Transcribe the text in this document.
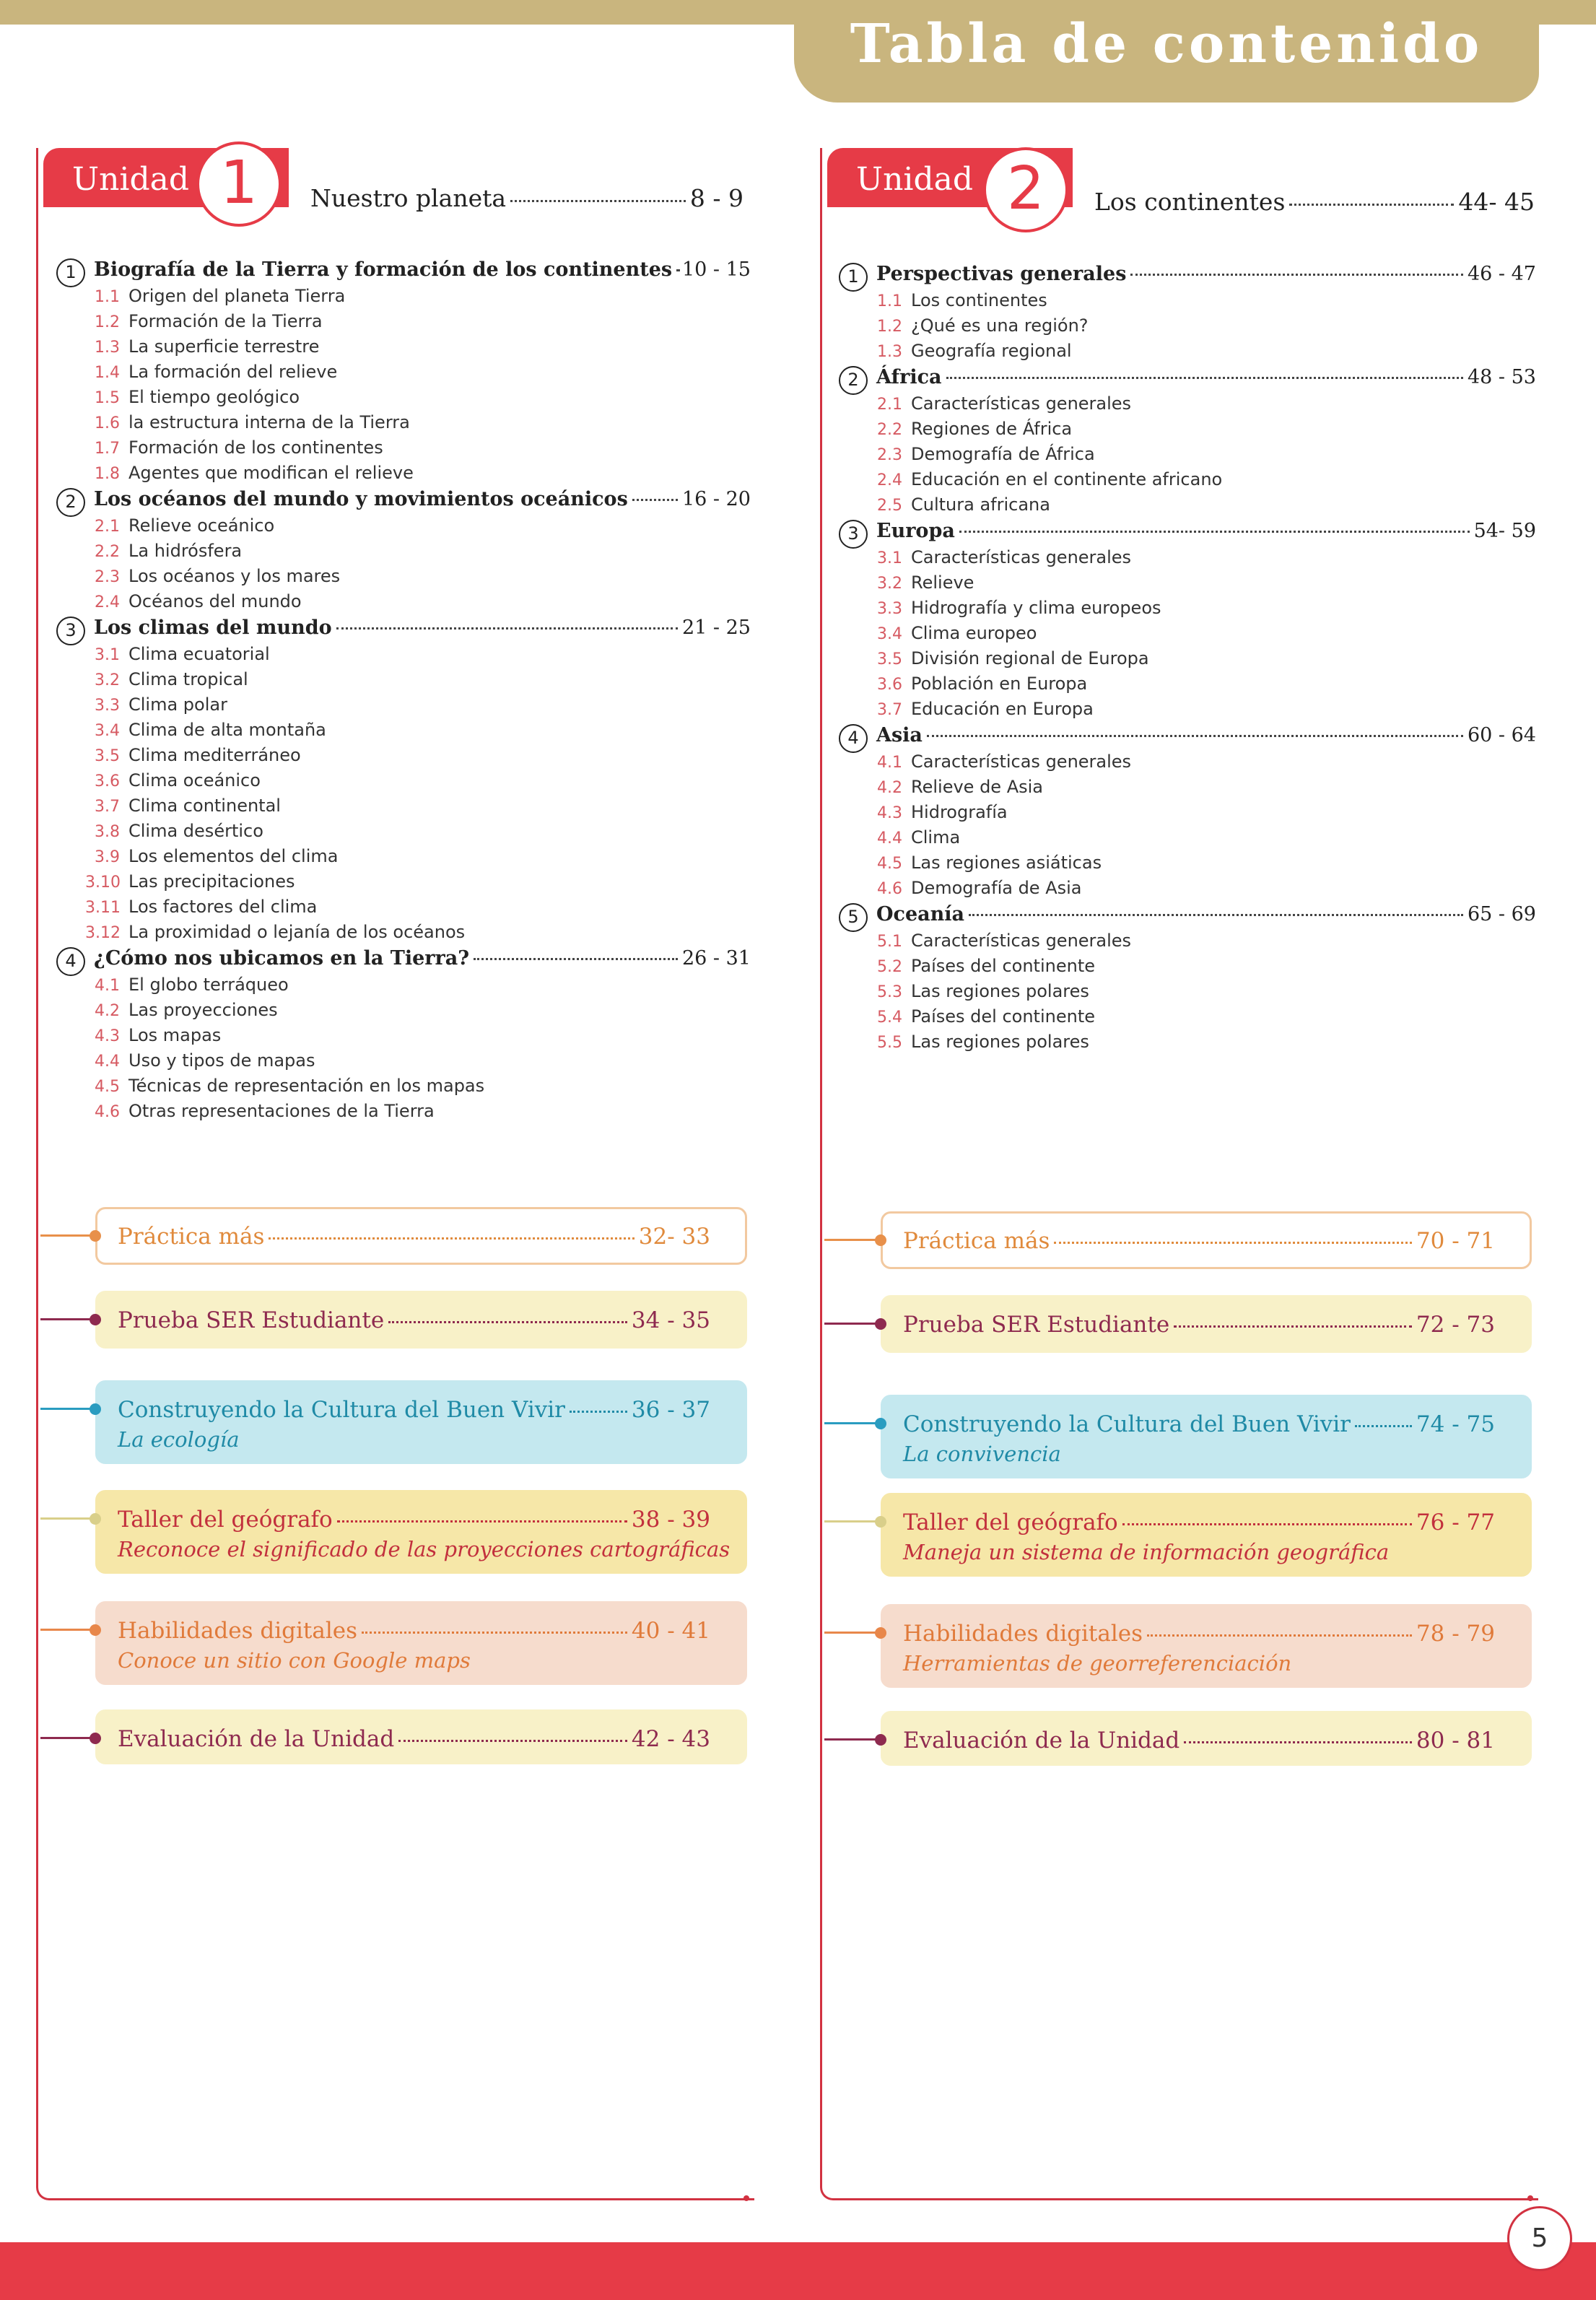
Tabla de contenido
Unidad 1	Nuestro planeta	8 - 9
1 Biografía de la Tierra y formación de los continentes 10 - 15
1.1 Origen del planeta Tierra
1.2 Formación de la Tierra
1.3 La superficie terrestre
1.4 La formación del relieve
1.5 El tiempo geológico
1.6 la estructura interna de la Tierra
1.7 Formación de los continentes
1.8 Agentes que modifican el relieve
2 Los océanos del mundo y movimientos oceánicos	16 - 20
2.1 Relieve oceánico
2.2 La hidrósfera
2.3 Los océanos y los mares
2.4 Océanos del mundo
3 Los climas del mundo	21 - 25
3.1 Clima ecuatorial
3.2 Clima tropical
3.3 Clima polar
3.4 Clima de alta montaña
3.5 Clima mediterráneo
3.6 Clima oceánico
3.7 Clima continental
3.8 Clima desértico
3.9 Los elementos del clima
3.10 Las precipitaciones
3.11 Los factores del clima
3.12 La proximidad o lejanía de los océanos
4 ¿Cómo nos ubicamos en la Tierra?	26 - 31
4.1 El globo terráqueo
4.2 Las proyecciones
4.3 Los mapas
4.4 Uso y tipos de mapas
4.5 Técnicas de representación en los mapas
4.6 Otras representaciones de la Tierra
Práctica más	32- 33
Prueba SER Estudiante	34 - 35
Construyendo la Cultura del Buen Vivir	36 - 37
La ecología
Taller del geógrafo	38 - 39
Reconoce el significado de las proyecciones cartográficas
Habilidades digitales	40 - 41
Conoce un sitio con Google maps
Evaluación de la Unidad	42 - 43
Unidad 2	Los continentes	44- 45
1 Perspectivas generales	46 - 47
1.1 Los continentes
1.2 ¿Qué es una región?
1.3 Geografía regional
2 África	48 - 53
2.1 Características generales
2.2 Regiones de África
2.3 Demografía de África
2.4 Educación en el continente africano
2.5 Cultura africana
3 Europa	54- 59
3.1 Características generales
3.2 Relieve
3.3 Hidrografía y clima europeos
3.4 Clima europeo
3.5 División regional de Europa
3.6 Población en Europa
3.7 Educación en Europa
4 Asia	60 - 64
4.1 Características generales
4.2 Relieve de Asia
4.3 Hidrografía
4.4 Clima
4.5 Las regiones asiáticas
4.6 Demografía de Asia
5 Oceanía	65 - 69
5.1 Características generales
5.2 Países del continente
5.3 Las regiones polares
5.4 Países del continente
5.5 Las regiones polares
Práctica más	70 - 71
Prueba SER Estudiante	72 - 73
Construyendo la Cultura del Buen Vivir	74 - 75
La convivencia
Taller del geógrafo	76 - 77
Maneja un sistema de información geográfica
Habilidades digitales	78 - 79
Herramientas de georreferenciación
Evaluación de la Unidad	80 - 81
5
